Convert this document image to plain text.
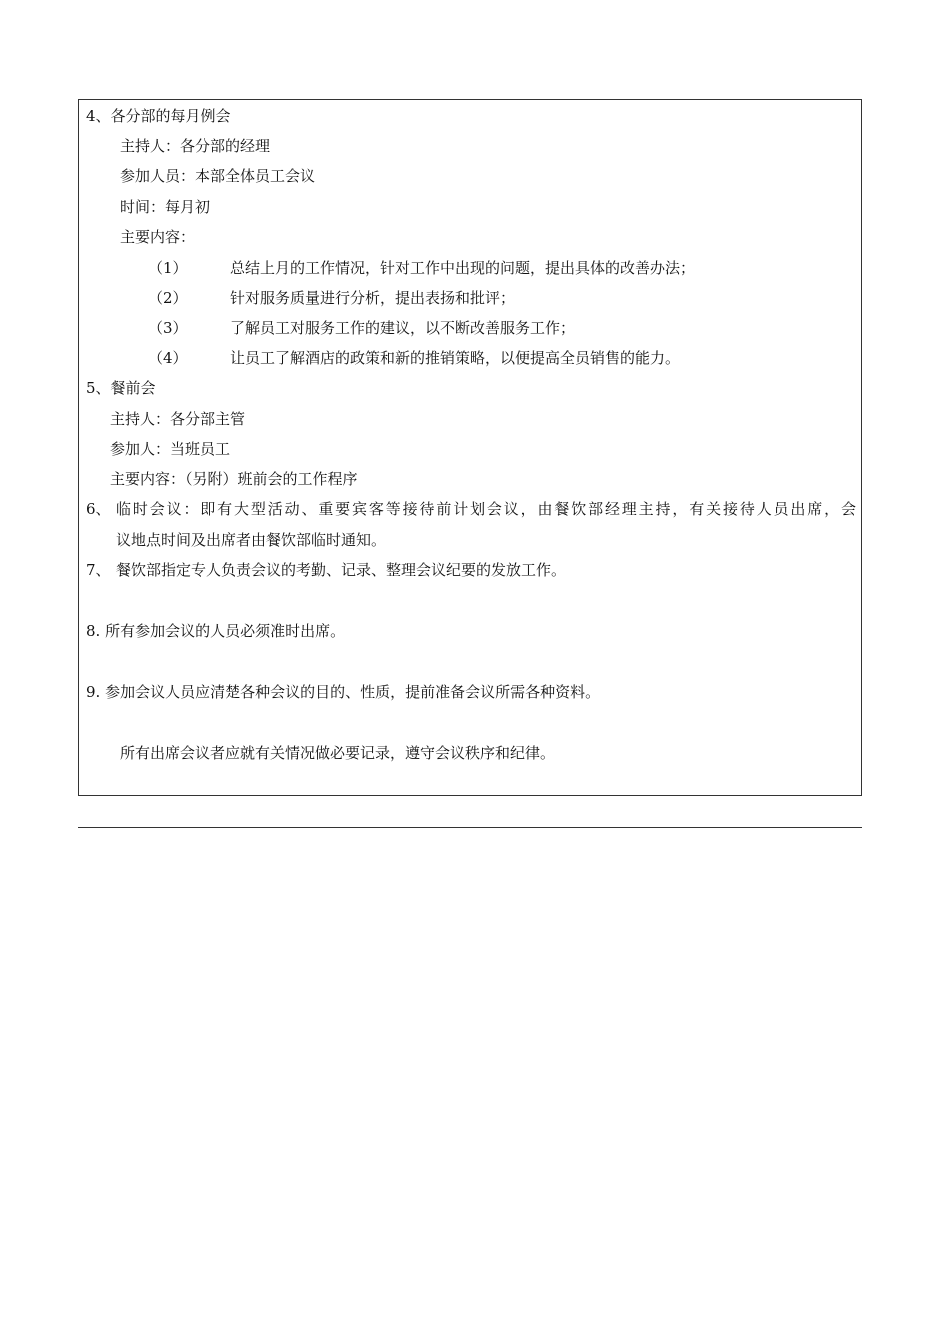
4、各分部的每月例会
主持人：各分部的经理
参加人员：本部全体员工会议
时间：每月初
主要内容：
（1）	总结上月的工作情况，针对工作中出现的问题，提出具体的改善办法；
（2）	针对服务质量进行分析，提出表扬和批评；
（3）	了解员工对服务工作的建议，以不断改善服务工作；
（4）	让员工了解酒店的政策和新的推销策略，以便提高全员销售的能力。
5、餐前会
主持人：各分部主管
参加人：当班员工
主要内容：（另附）班前会的工作程序
6、 临时会议：即有大型活动、重要宾客等接待前计划会议，由餐饮部经理主持，有关接待人员出席，会
议地点时间及出席者由餐饮部临时通知。
7、 餐饮部指定专人负责会议的考勤、记录、整理会议纪要的发放工作。
8. 所有参加会议的人员必须准时出席。
9. 参加会议人员应清楚各种会议的目的、性质，提前准备会议所需各种资料。
所有出席会议者应就有关情况做必要记录，遵守会议秩序和纪律。
